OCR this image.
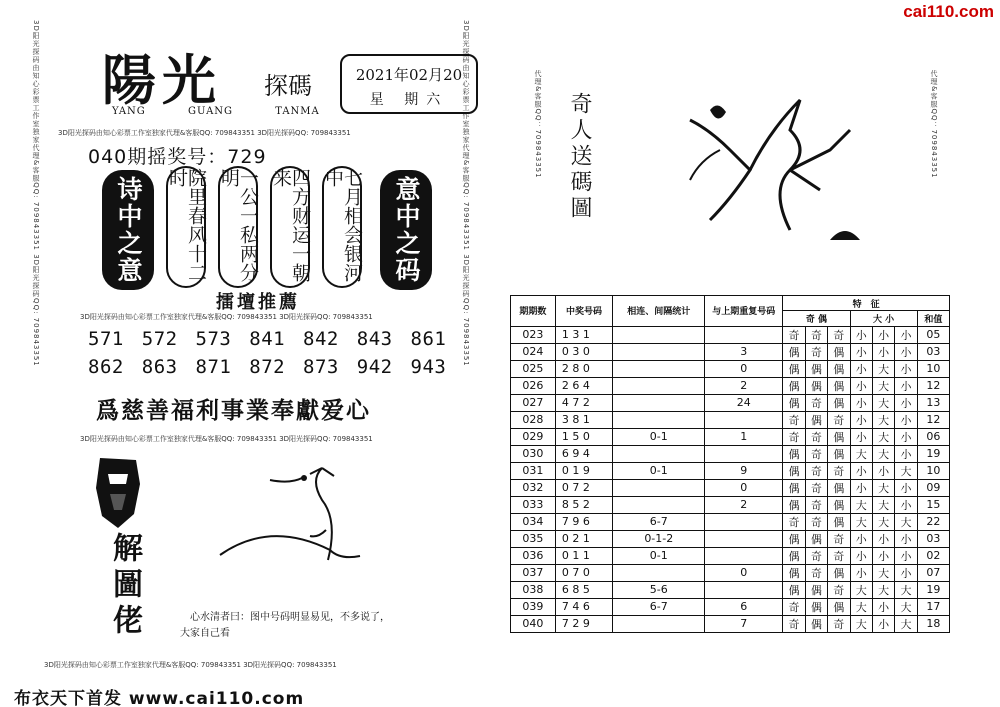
cai110.com
3D阳光探码由知心彩票工作室独家代理&客服QQ: 709843351 3D阳光探码QQ: 709843351	3D阳光探码由知心彩票工作室独家代理&客服QQ: 709843351 3D阳光探码QQ: 709843351
陽光 探碼
YANG GUANG TANMA
2021年02月20
星 期六
3D阳光探码由知心彩票工作室独家代理&客服QQ: 709843351 3D阳光探码QQ: 709843351
040期摇奖号：729
诗中之意	院里春风十二时	一公一私两分明	四方财运一朝来	七月相会银河中	意中之码
擂壇推薦
3D阳光探码由知心彩票工作室独家代理&客服QQ: 709843351 3D阳光探码QQ: 709843351
571 572 573 841 842 843 861
862 863 871 872 873 942 943
爲慈善福利事業奉獻爱心
3D阳光探码由知心彩票工作室独家代理&客服QQ: 709843351 3D阳光探码QQ: 709843351
解圖佬	心水清者曰：图中号码明显易见，不多说了，
大家自己看
3D阳光探码由知心彩票工作室独家代理&客服QQ: 709843351 3D阳光探码QQ: 709843351
布衣天下首发 www.cai110.com
代理&客服QQ：709843351 奇人送碼圖	代理&客服QQ：709843351
期期数	中奖号码	相连、间隔统计	与上期重复号码	特　征						
				奇 偶			大 小			和值
023	1 3 1			奇	奇	奇	小	小	小	05
024	0 3 0		3	偶	奇	偶	小	小	小	03
025	2 8 0		0	偶	偶	偶	小	大	小	10
026	2 6 4		2	偶	偶	偶	小	大	小	12
027	4 7 2		24	偶	奇	偶	小	大	小	13
028	3 8 1			奇	偶	奇	小	大	小	12
029	1 5 0	0-1	1	奇	奇	偶	小	大	小	06
030	6 9 4			偶	奇	偶	大	大	小	19
031	0 1 9	0-1	9	偶	奇	奇	小	小	大	10
032	0 7 2		0	偶	奇	偶	小	大	小	09
033	8 5 2		2	偶	奇	偶	大	大	小	15
034	7 9 6	6-7		奇	奇	偶	大	大	大	22
035	0 2 1	0-1-2		偶	偶	奇	小	小	小	03
036	0 1 1	0-1		偶	奇	奇	小	小	小	02
037	0 7 0		0	偶	奇	偶	小	大	小	07
038	6 8 5	5-6		偶	偶	奇	大	大	大	19
039	7 4 6	6-7	6	奇	偶	偶	大	小	大	17
040	7 2 9		7	奇	偶	奇	大	小	大	18
